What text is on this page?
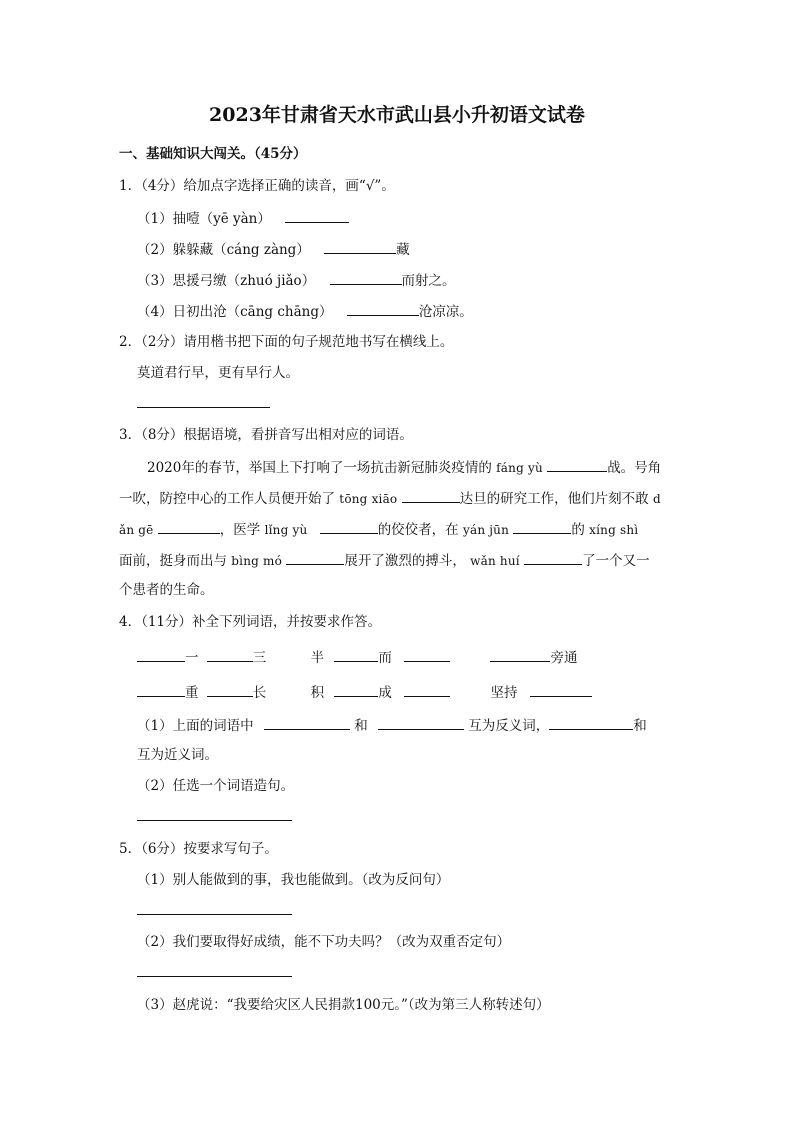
2023年甘肃省天水市武山县小升初语文试卷
一、基础知识大闯关。（45分）
1．（4分）给加点字选择正确的读音，画“√”。
（1）抽噎（yē yàn）
（2）躲躲藏（cáng zàng）	藏
（3）思援弓缴（zhuó jiǎo）	而射之。
（4）日初出沧（cāng chāng）	沧凉凉。
2．（2分）请用楷书把下面的句子规范地书写在横线上。
莫道君行早，更有早行人。
3．（8分）根据语境，看拼音写出相对应的词语。
2020年的春节，举国上下打响了一场抗击新冠肺炎疫情的 fáng yù	战。号角
一吹，防控中心的工作人员便开始了 tōng xiāo	达旦的研究工作，他们片刻不敢 d
ǎn gē	，医学 lǐng yù	的佼佼者，在 yán jūn	的 xíng shì
面前，挺身而出与 bìng mó	展开了激烈的搏斗， wǎn huí	了一个又一
个患者的生命。
4．（11分）补全下列词语，并按要求作答。
一	三	半	而	旁通
重	长	积	成	坚持
（1）上面的词语中	和	互为反义词，	和
互为近义词。
（2）任选一个词语造句。
5．（6分）按要求写句子。
（1）别人能做到的事，我也能做到。（改为反问句）
（2）我们要取得好成绩，能不下功夫吗？（改为双重否定句）
（3）赵虎说：“我要给灾区人民捐款100元。”（改为第三人称转述句）
